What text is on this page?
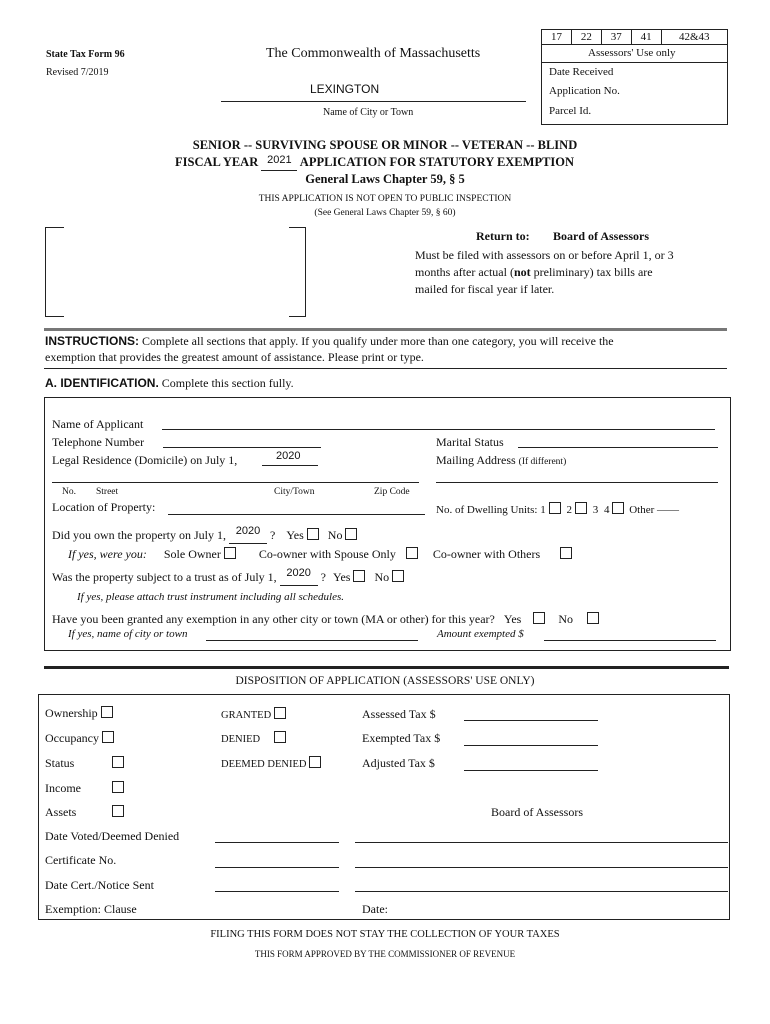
State Tax Form 96
Revised 7/2019
The Commonwealth of Massachusetts
LEXINGTON
Name of City or Town
17	22	37	41	42&43
Assessors' Use only
Date Received
Application No.
Parcel Id.
SENIOR -- SURVIVING SPOUSE OR MINOR -- VETERAN -- BLIND
FISCAL YEAR 2021 APPLICATION FOR STATUTORY EXEMPTION
General Laws Chapter 59, § 5
THIS APPLICATION IS NOT OPEN TO PUBLIC INSPECTION
(See General Laws Chapter 59, § 60)
Return to: Board of Assessors
Must be filed with assessors on or before April 1, or 3
months after actual (not preliminary) tax bills are
mailed for fiscal year if later.
INSTRUCTIONS: Complete all sections that apply. If you qualify under more than one category, you will receive the
exemption that provides the greatest amount of assistance. Please print or type.
A. IDENTIFICATION. Complete this section fully.
Name of Applicant
Telephone Number	Marital Status
Legal Residence (Domicile) on July 1,	2020	Mailing Address (If different)
No. Street	City/Town	Zip Code
Location of Property:	No. of Dwelling Units: 1 2 3 4 Other ——
Did you own the property on July 1, 2020 ? Yes No
If yes, were you: Sole Owner	Co-owner with Spouse Only	Co-owner with Others
Was the property subject to a trust as of July 1, 2020 ? Yes No
If yes, please attach trust instrument including all schedules.
Have you been granted any exemption in any other city or town (MA or other) for this year? Yes	No
If yes, name of city or town	Amount exempted $
DISPOSITION OF APPLICATION (ASSESSORS' USE ONLY)
Ownership
Occupancy
Status
Income
Assets
GRANTED
DENIED
DEEMED DENIED
Assessed Tax $
Exempted Tax $
Adjusted Tax $
Board of Assessors
Date Voted/Deemed Denied
Certificate No.
Date Cert./Notice Sent
Exemption: Clause	Date:
FILING THIS FORM DOES NOT STAY THE COLLECTION OF YOUR TAXES
THIS FORM APPROVED BY THE COMMISSIONER OF REVENUE
